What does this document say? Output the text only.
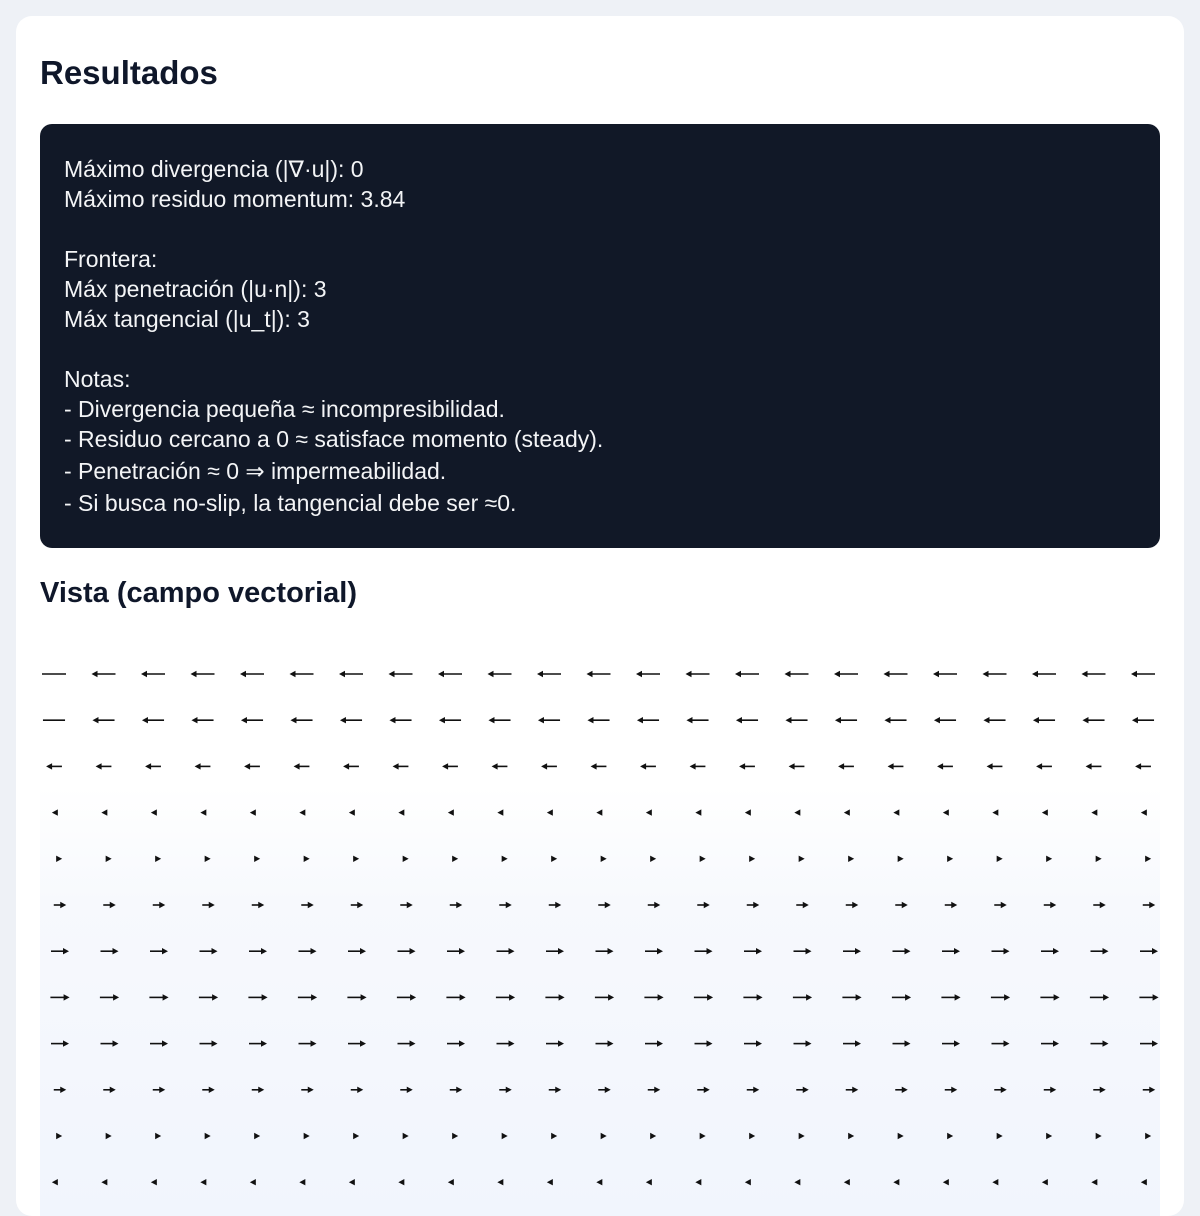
Resultados
Máximo divergencia (|∇·u|): 0
Máximo residuo momentum: 3.84
Frontera:
Máx penetración (|u·n|): 3
Máx tangencial (|u_t|): 3
Notas:
- Divergencia pequeña ≈ incompresibilidad.
- Residuo cercano a 0 ≈ satisface momento (steady).
- Penetración ≈ 0 ⇒ impermeabilidad.
- Si busca no-slip, la tangencial debe ser ≈0.
Vista (campo vectorial)
